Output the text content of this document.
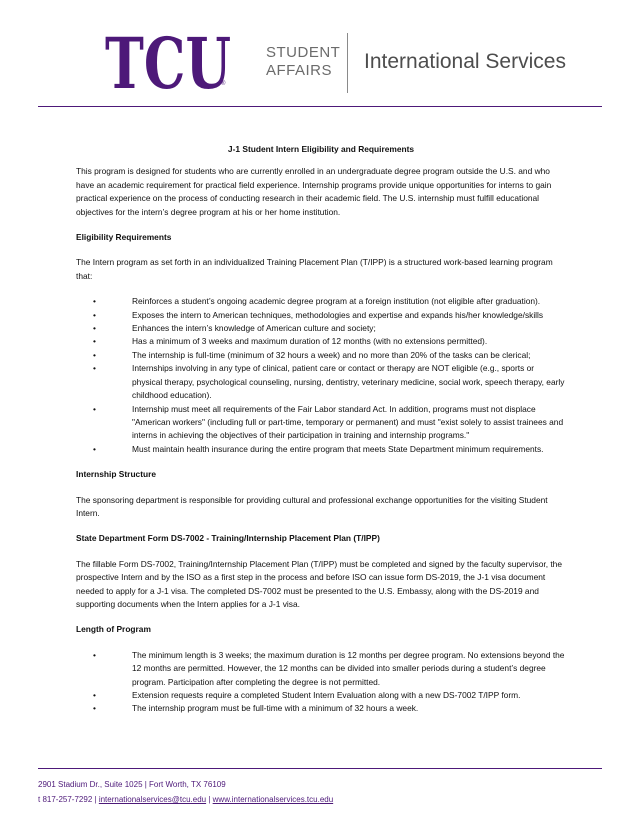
TCU
®
STUDENT
AFFAIRS	International Services
J-1 Student Intern Eligibility and Requirements

This program is designed for students who are currently enrolled in an undergraduate degree program outside the U.S. and who have an academic requirement for practical field experience. Internship programs provide unique opportunities for interns to gain practical experience on the process of conducting research in their academic field. The U.S. internship must fulfill educational objectives for the intern’s degree program at his or her home institution.

Eligibility Requirements

The Intern program as set forth in an individualized Training Placement Plan (T/IPP) is a structured work-based learning program that:

•	Reinforces a student’s ongoing academic degree program at a foreign institution (not eligible after graduation).
•	Exposes the intern to American techniques, methodologies and expertise and expands his/her knowledge/skills
•	Enhances the intern’s knowledge of American culture and society;
•	Has a minimum of 3 weeks and maximum duration of 12 months (with no extensions permitted).
•	The internship is full-time (minimum of 32 hours a week) and no more than 20% of the tasks can be clerical;
•	Internships involving in any type of clinical, patient care or contact or therapy are NOT eligible (e.g., sports or physical therapy, psychological counseling, nursing, dentistry, veterinary medicine, social work, speech therapy, early childhood education).
•	Internship must meet all requirements of the Fair Labor standard Act. In addition, programs must not displace "American workers" (including full or part-time, temporary or permanent) and must "exist solely to assist trainees and interns in achieving the objectives of their participation in training and internship programs."
•	Must maintain health insurance during the entire program that meets State Department minimum requirements.
Internship Structure

The sponsoring department is responsible for providing cultural and professional exchange opportunities for the visiting Student Intern.

State Department Form DS-7002 - Training/Internship Placement Plan (T/IPP)

The fillable Form DS-7002, Training/Internship Placement Plan (T/IPP) must be completed and signed by the faculty supervisor, the prospective Intern and by the ISO as a first step in the process and before ISO can issue form DS-2019, the J-1 visa document needed to apply for a J-1 visa. The completed DS-7002 must be presented to the U.S. Embassy, along with the DS-2019 and supporting documents when the Intern applies for a J-1 visa.

Length of Program
•	The minimum length is 3 weeks; the maximum duration is 12 months per degree program. No extensions beyond the 12 months are permitted. However, the 12 months can be divided into smaller periods during a student’s degree program. Participation after completing the degree is not permitted.
•	Extension requests require a completed Student Intern Evaluation along with a new DS-7002 T/IPP form.
•	The internship program must be full-time with a minimum of 32 hours a week.
2901 Stadium Dr., Suite 1025 | Fort Worth, TX 76109
t 817-257-7292 | internationalservices@tcu.edu | www.internationalservices.tcu.edu
